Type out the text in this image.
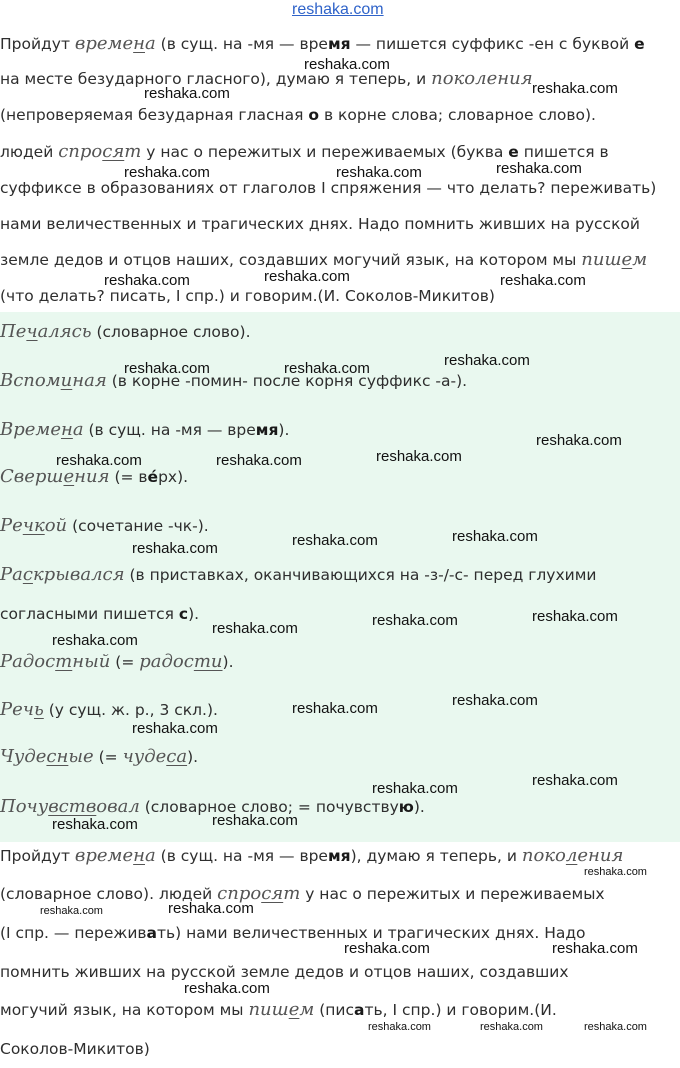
reshaka.com
Пройдут времена (в сущ. на -мя — время — пишется суффикс -ен с буквой е
на месте безударного гласного), думаю я теперь, и поколения
(непроверяемая безударная гласная о в корне слова; словарное слово).
людей спросят у нас о пережитых и переживаемых (буква е пишется в
суффиксе в образованиях от глаголов I спряжения — что делать? переживать)
нами величественных и трагических днях. Надо помнить живших на русской
земле дедов и отцов наших, создавших могучий язык, на котором мы пишем
(что делать? писать, I спр.) и говорим.(И. Соколов-Микитов)
Печалясь (словарное слово).
Вспоминая (в корне -помин- после корня суффикс -а-).
Времена (в сущ. на -мя — время).
Свершения (= вéрх).
Речкой (сочетание -чк-).
Раскрывался (в приставках, оканчивающихся на -з-/-с- перед глухими
согласными пишется с).
Радостный (= радости).
Речь (у сущ. ж. р., 3 скл.).
Чудесные (= чудеса).
Почувствовал (словарное слово; = почувствую).
Пройдут времена (в сущ. на -мя — время), думаю я теперь, и поколения
(словарное слово). людей спросят у нас о пережитых и переживаемых
(I спр. — переживать) нами величественных и трагических днях. Надо
помнить живших на русской земле дедов и отцов наших, создавших
могучий язык, на котором мы пишем (писать, I спр.) и говорим.(И.
Соколов-Микитов)
reshaka.com
reshaka.com	reshaka.com
reshaka.com	reshaka.com	reshaka.com
reshaka.com	reshaka.com	reshaka.com
reshaka.com	reshaka.com	reshaka.com
reshaka.com
reshaka.com	reshaka.com	reshaka.com
reshaka.com	reshaka.com	reshaka.com
reshaka.com
reshaka.com
reshaka.com
reshaka.com
reshaka.com
reshaka.com
reshaka.com
reshaka.com
reshaka.com
reshaka.com
reshaka.com
reshaka.com
reshaka.com	reshaka.com
reshaka.com	reshaka.com
reshaka.com
reshaka.com	reshaka.com	reshaka.com
